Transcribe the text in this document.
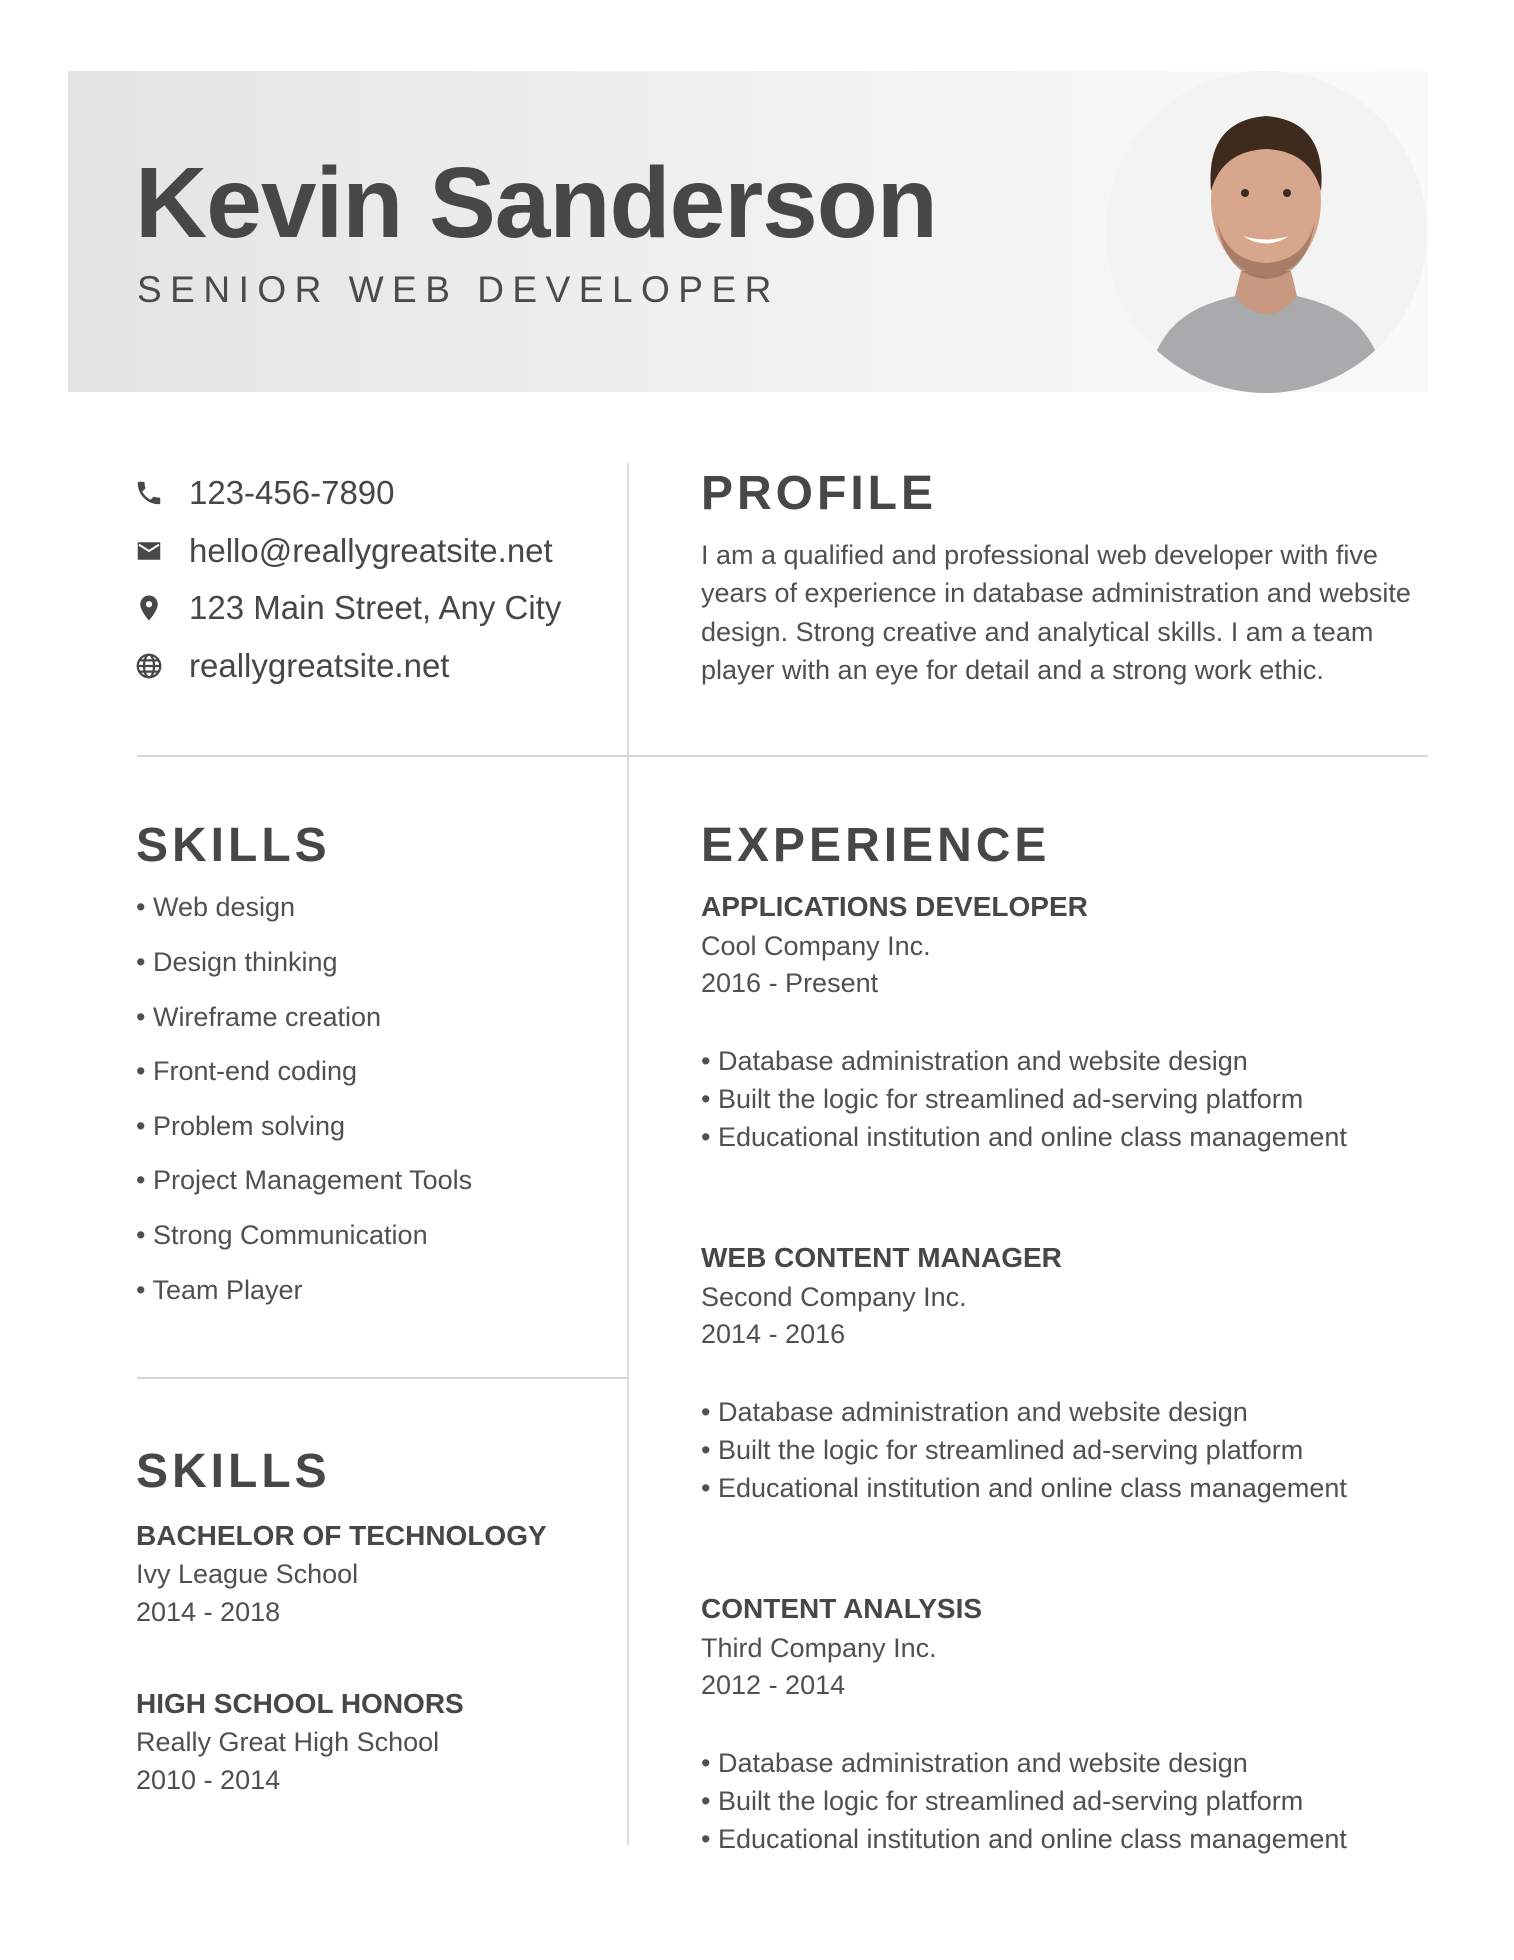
Kevin Sanderson
SENIOR WEB DEVELOPER
123-456-7890
hello@reallygreatsite.net
123 Main Street, Any City
reallygreatsite.net
PROFILE
I am a qualified and professional web developer with five
years of experience in database administration and website
design. Strong creative and analytical skills. I am a team
player with an eye for detail and a strong work ethic.
SKILLS
• Web design
• Design thinking
• Wireframe creation
• Front-end coding
• Problem solving
• Project Management Tools
• Strong Communication
• Team Player
SKILLS
BACHELOR OF TECHNOLOGY
Ivy League School
2014 - 2018
HIGH SCHOOL HONORS
Really Great High School
2010 - 2014
EXPERIENCE
APPLICATIONS DEVELOPER
Cool Company Inc.
2016 - Present
• Database administration and website design
• Built the logic for streamlined ad-serving platform
• Educational institution and online class management
WEB CONTENT MANAGER
Second Company Inc.
2014 - 2016
• Database administration and website design
• Built the logic for streamlined ad-serving platform
• Educational institution and online class management
CONTENT ANALYSIS
Third Company Inc.
2012 - 2014
• Database administration and website design
• Built the logic for streamlined ad-serving platform
• Educational institution and online class management
